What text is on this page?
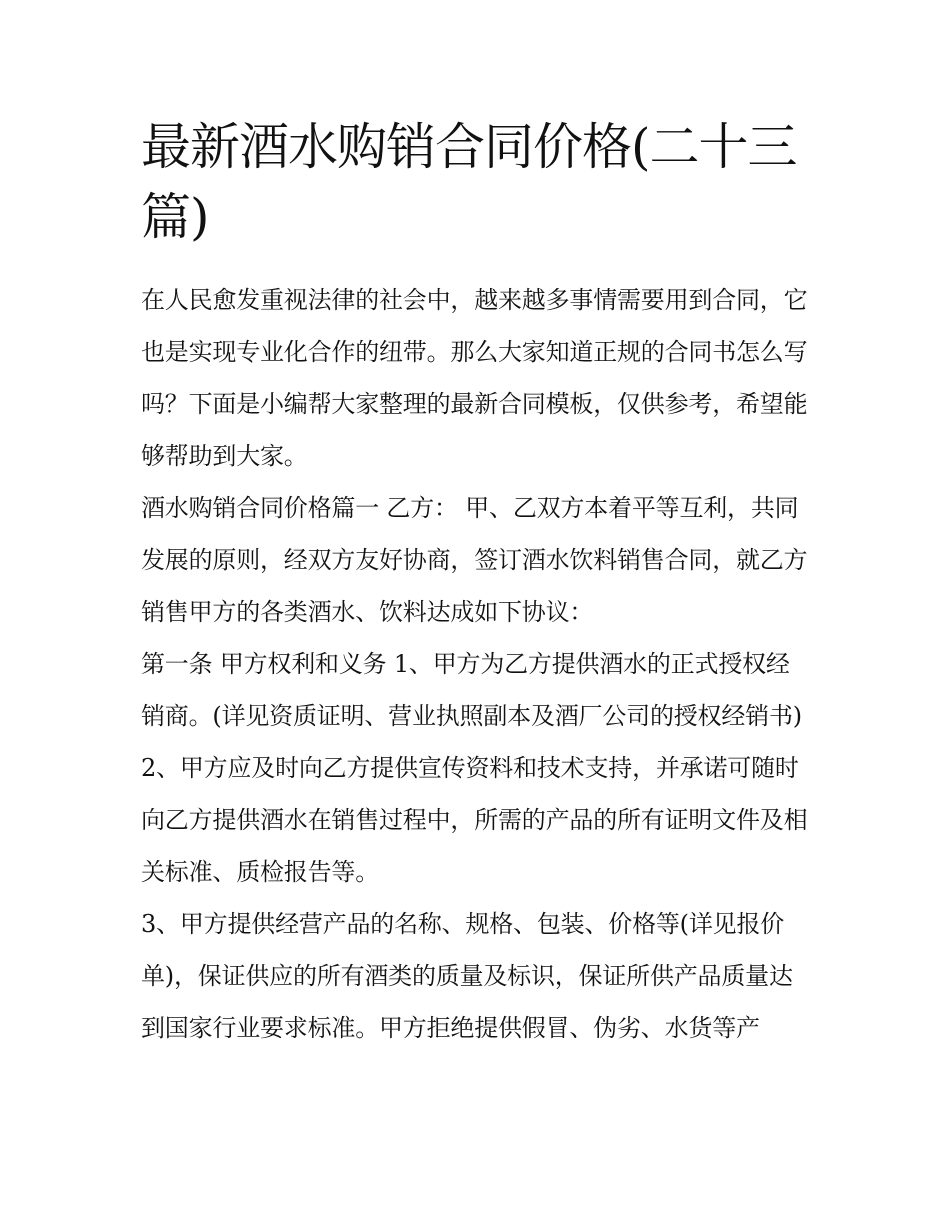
最新酒水购销合同价格(二十三篇)

在人民愈发重视法律的社会中，越来越多事情需要用到合同，它也是实现专业化合作的纽带。那么大家知道正规的合同书怎么写吗？下面是小编帮大家整理的最新合同模板，仅供参考，希望能够帮助到大家。

酒水购销合同价格篇一 乙方： 甲、乙双方本着平等互利，共同发展的原则，经双方友好协商，签订酒水饮料销售合同，就乙方销售甲方的各类酒水、饮料达成如下协议：

第一条 甲方权利和义务 1、甲方为乙方提供酒水的正式授权经销商。(详见资质证明、营业执照副本及酒厂公司的授权经销书)

2、甲方应及时向乙方提供宣传资料和技术支持，并承诺可随时向乙方提供酒水在销售过程中，所需的产品的所有证明文件及相关标准、质检报告等。

3、甲方提供经营产品的名称、规格、包装、价格等(详见报价单)，保证供应的所有酒类的质量及标识，保证所供产品质量达到国家行业要求标准。甲方拒绝提供假冒、伪劣、水货等产
